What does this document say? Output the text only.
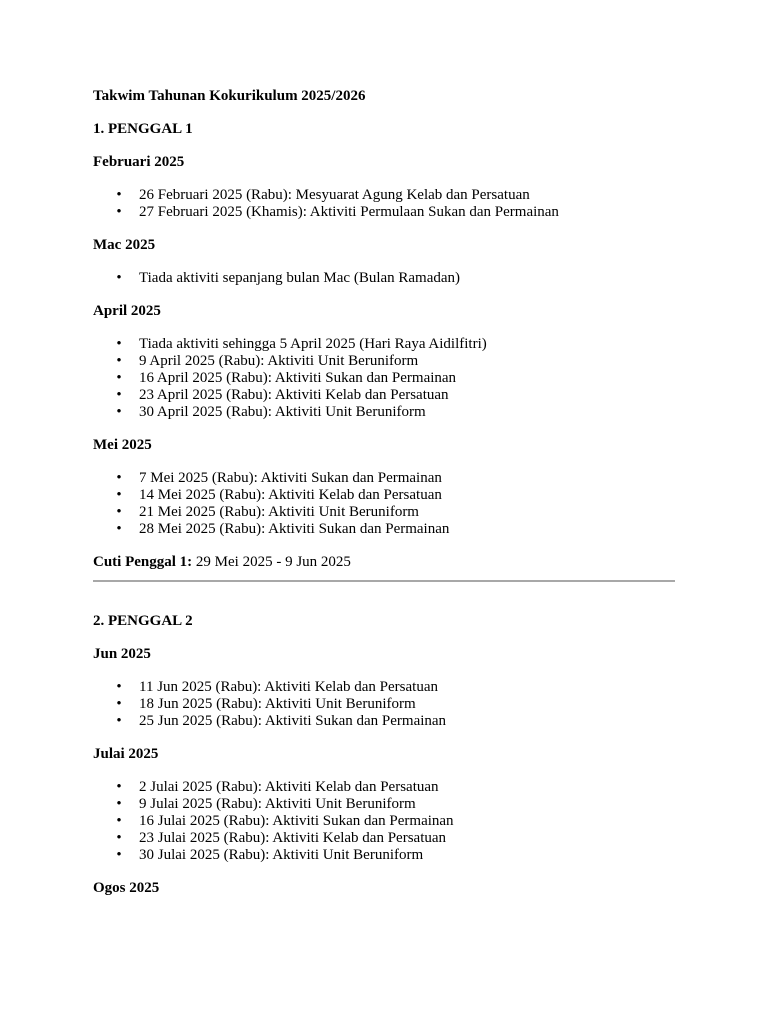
Takwim Tahunan Kokurikulum 2025/2026
1. PENGGAL 1
Februari 2025
• 26 Februari 2025 (Rabu): Mesyuarat Agung Kelab dan Persatuan
• 27 Februari 2025 (Khamis): Aktiviti Permulaan Sukan dan Permainan
Mac 2025
• Tiada aktiviti sepanjang bulan Mac (Bulan Ramadan)
April 2025
• Tiada aktiviti sehingga 5 April 2025 (Hari Raya Aidilfitri)
• 9 April 2025 (Rabu): Aktiviti Unit Beruniform
• 16 April 2025 (Rabu): Aktiviti Sukan dan Permainan
• 23 April 2025 (Rabu): Aktiviti Kelab dan Persatuan
• 30 April 2025 (Rabu): Aktiviti Unit Beruniform
Mei 2025
• 7 Mei 2025 (Rabu): Aktiviti Sukan dan Permainan
• 14 Mei 2025 (Rabu): Aktiviti Kelab dan Persatuan
• 21 Mei 2025 (Rabu): Aktiviti Unit Beruniform
• 28 Mei 2025 (Rabu): Aktiviti Sukan dan Permainan
Cuti Penggal 1: 29 Mei 2025 - 9 Jun 2025
2. PENGGAL 2
Jun 2025
• 11 Jun 2025 (Rabu): Aktiviti Kelab dan Persatuan
• 18 Jun 2025 (Rabu): Aktiviti Unit Beruniform
• 25 Jun 2025 (Rabu): Aktiviti Sukan dan Permainan
Julai 2025
• 2 Julai 2025 (Rabu): Aktiviti Kelab dan Persatuan
• 9 Julai 2025 (Rabu): Aktiviti Unit Beruniform
• 16 Julai 2025 (Rabu): Aktiviti Sukan dan Permainan
• 23 Julai 2025 (Rabu): Aktiviti Kelab dan Persatuan
• 30 Julai 2025 (Rabu): Aktiviti Unit Beruniform
Ogos 2025
